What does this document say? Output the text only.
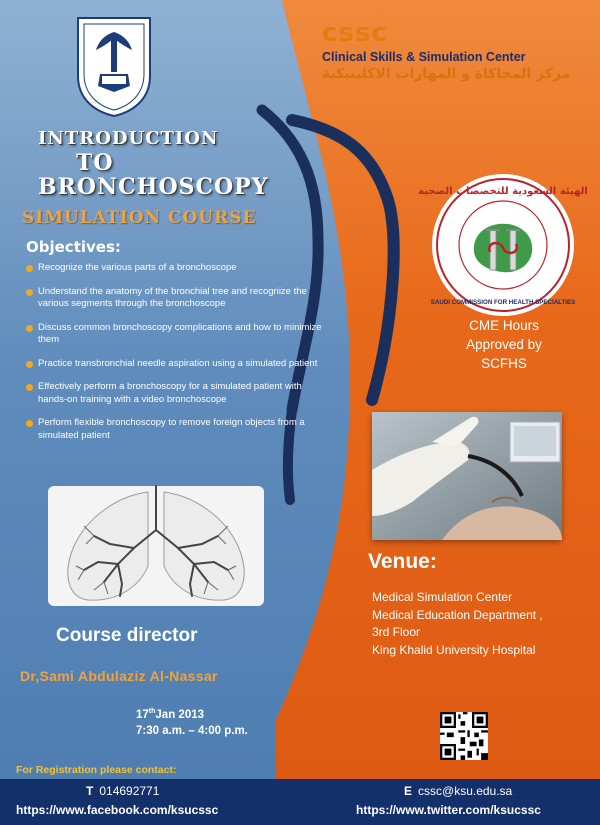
cssc
Clinical Skills & Simulation Center
مركز المحاكاة و المهارات الاكلينيكية
INTRODUCTION
TO
BRONCHOSCOPY
SIMULATION COURSE
Objectives:
Recognize the various parts of a bronchoscope
Understand the anatomy of the bronchial tree and recognize the various segments through the bronchoscope
Discuss common bronchoscopy complications and how to minimize them
Practice transbronchial needle aspiration using a simulated patient
Effectively perform a bronchoscopy for a simulated patient with hands-on training with a video bronchoscope
Perform flexible bronchoscopy to remove foreign objects from a simulated patient
الهيئة السعودية للتخصصات الصحية
SAUDI COMMISSION FOR HEALTH SPECIALTIES
CME Hours
Approved by
SCFHS
Venue:
Medical Simulation Center
Medical Education Department ,
3rd Floor
King Khalid University Hospital
Course director
Dr,Sami Abdulaziz Al-Nassar
17thJan 2013
7:30 a.m. – 4:00 p.m.
For Registration please contact:
T 014692771	E cssc@ksu.edu.sa
https://www.facebook.com/ksucssc	https://www.twitter.com/ksucssc
